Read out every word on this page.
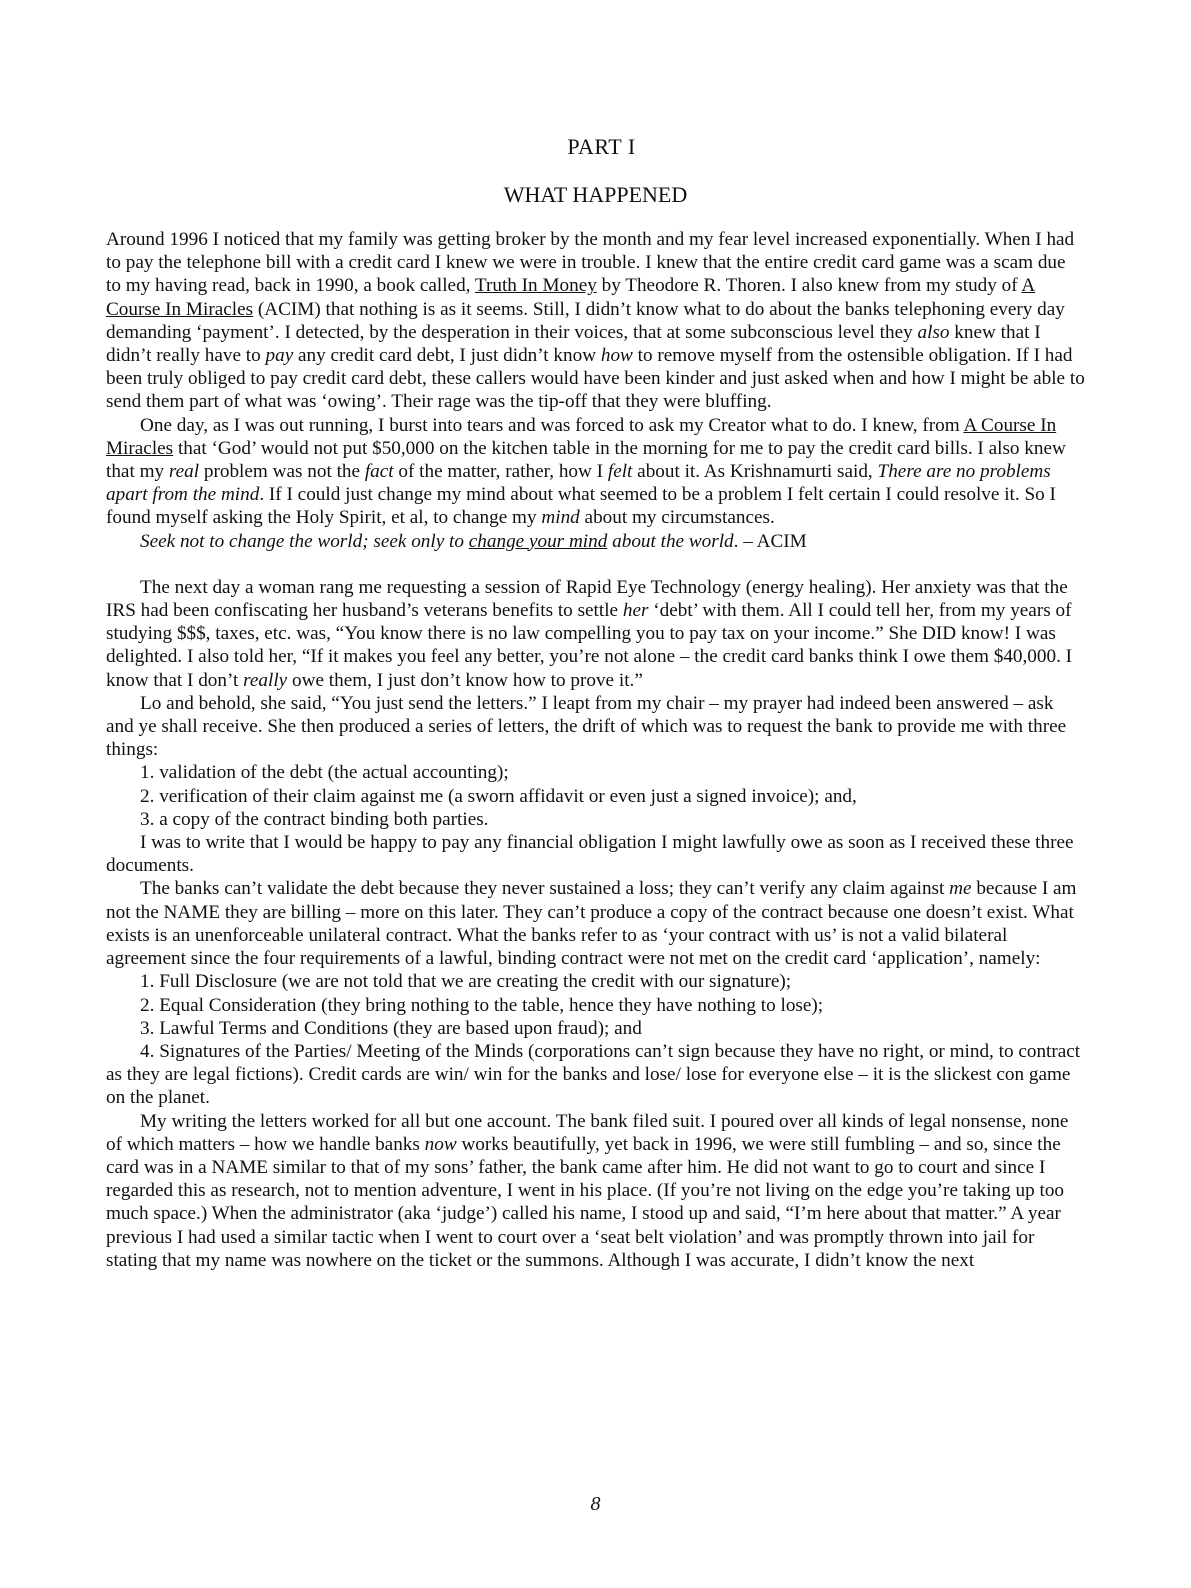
PART I
WHAT HAPPENED

Around 1996 I noticed that my family was getting broker by the month and my fear level increased exponentially. When I had to pay the telephone bill with a credit card I knew we were in trouble. I knew that the entire credit card game was a scam due to my having read, back in 1990, a book called, Truth In Money by Theodore R. Thoren. I also knew from my study of A Course In Miracles (ACIM) that nothing is as it seems. Still, I didn’t know what to do about the banks telephoning every day demanding ‘payment’. I detected, by the desperation in their voices, that at some subconscious level they also knew that I didn’t really have to pay any credit card debt, I just didn’t know how to remove myself from the ostensible obligation. If I had been truly obliged to pay credit card debt, these callers would have been kinder and just asked when and how I might be able to send them part of what was ‘owing’. Their rage was the tip-off that they were bluffing.

One day, as I was out running, I burst into tears and was forced to ask my Creator what to do. I knew, from A Course In Miracles that ‘God’ would not put $50,000 on the kitchen table in the morning for me to pay the credit card bills. I also knew that my real problem was not the fact of the matter, rather, how I felt about it. As Krishnamurti said, There are no problems apart from the mind. If I could just change my mind about what seemed to be a problem I felt certain I could resolve it. So I found myself asking the Holy Spirit, et al, to change my mind about my circumstances.

Seek not to change the world; seek only to change your mind about the world. – ACIM

The next day a woman rang me requesting a session of Rapid Eye Technology (energy healing). Her anxiety was that the IRS had been confiscating her husband’s veterans benefits to settle her ‘debt’ with them. All I could tell her, from my years of studying $$$, taxes, etc. was, “You know there is no law compelling you to pay tax on your income.” She DID know! I was delighted. I also told her, “If it makes you feel any better, you’re not alone – the credit card banks think I owe them $40,000. I know that I don’t really owe them, I just don’t know how to prove it.”

Lo and behold, she said, “You just send the letters.” I leapt from my chair – my prayer had indeed been answered – ask and ye shall receive. She then produced a series of letters, the drift of which was to request the bank to provide me with three things:

1. validation of the debt (the actual accounting);

2. verification of their claim against me (a sworn affidavit or even just a signed invoice); and,

3. a copy of the contract binding both parties.

I was to write that I would be happy to pay any financial obligation I might lawfully owe as soon as I received these three documents.

The banks can’t validate the debt because they never sustained a loss; they can’t verify any claim against me because I am not the NAME they are billing – more on this later. They can’t produce a copy of the contract because one doesn’t exist. What exists is an unenforceable unilateral contract. What the banks refer to as ‘your contract with us’ is not a valid bilateral agreement since the four requirements of a lawful, binding contract were not met on the credit card ‘application’, namely:

1. Full Disclosure (we are not told that we are creating the credit with our signature);

2. Equal Consideration (they bring nothing to the table, hence they have nothing to lose);

3. Lawful Terms and Conditions (they are based upon fraud); and

4. Signatures of the Parties/ Meeting of the Minds (corporations can’t sign because they have no right, or mind, to contract as they are legal fictions). Credit cards are win/ win for the banks and lose/ lose for everyone else – it is the slickest con game on the planet.

My writing the letters worked for all but one account. The bank filed suit. I poured over all kinds of legal nonsense, none of which matters – how we handle banks now works beautifully, yet back in 1996, we were still fumbling – and so, since the card was in a NAME similar to that of my sons’ father, the bank came after him. He did not want to go to court and since I regarded this as research, not to mention adventure, I went in his place. (If you’re not living on the edge you’re taking up too much space.) When the administrator (aka ‘judge’) called his name, I stood up and said, “I’m here about that matter.” A year previous I had used a similar tactic when I went to court over a ‘seat belt violation’ and was promptly thrown into jail for stating that my name was nowhere on the ticket or the summons. Although I was accurate, I didn’t know the next

8
